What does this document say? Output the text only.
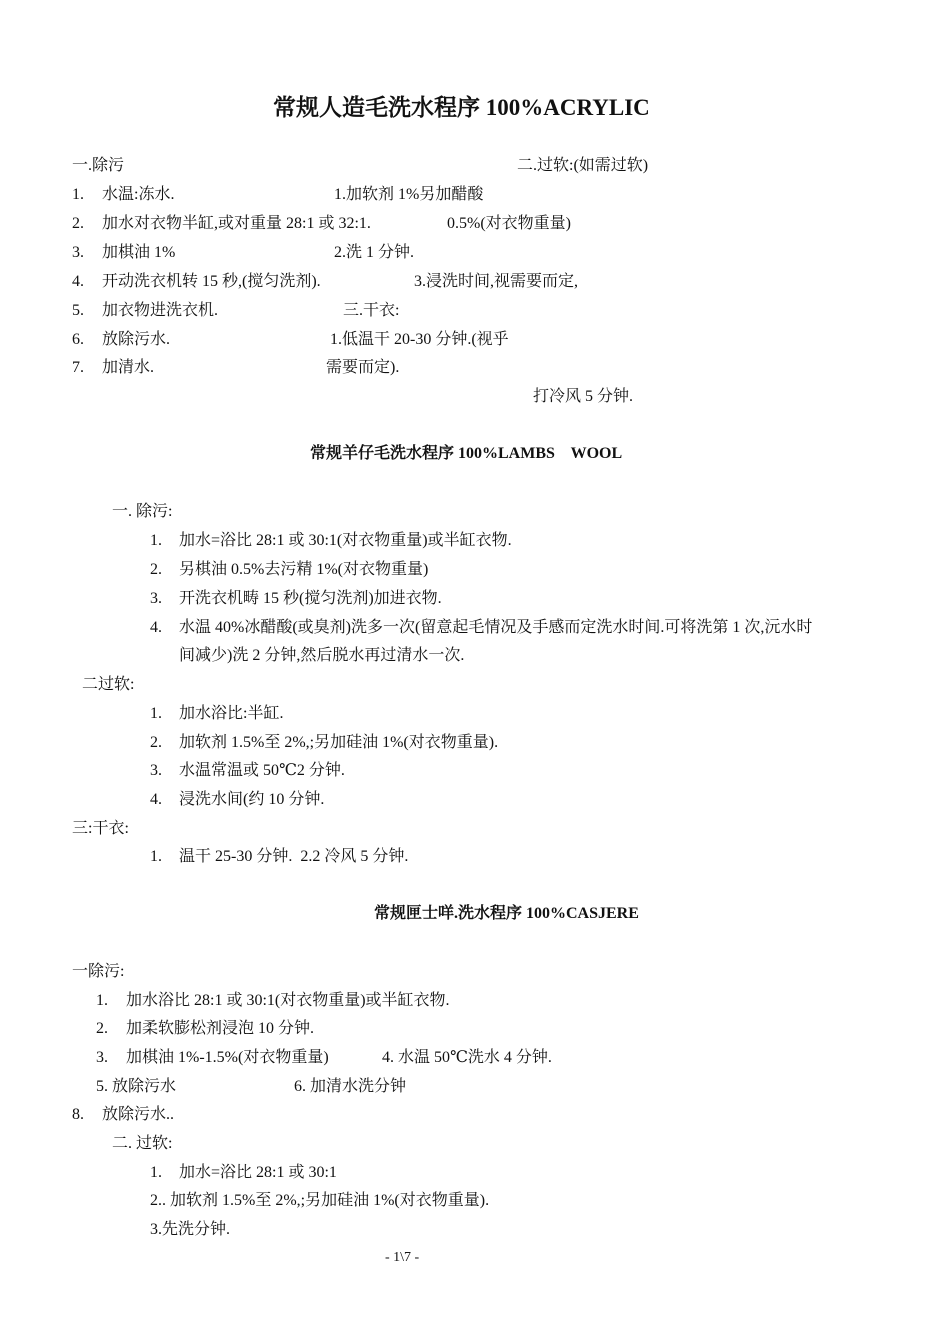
常规人造毛洗水程序 100%ACRYLIC
一.除污	二.过软:(如需过软)
1.	水温:冻水.	1.加软剂 1%另加醋酸
2.	加水对衣物半缸,或对重量 28:1 或 32:1.	0.5%(对衣物重量)
3.	加棋油 1%	2.洗 1 分钟.
4.	开动洗衣机转 15 秒,(搅匀洗剂).	3.浸洗时间,视需要而定,
5.	加衣物进洗衣机.	三.干衣:
6.	放除污水.	1.低温干 20-30 分钟.(视乎
7.	加清水.	需要而定).
打冷风 5 分钟.
常规羊仔毛洗水程序 100%LAMBS    WOOL
一. 除污:
1.	加水=浴比 28:1 或 30:1(对衣物重量)或半缸衣物.
2.	另棋油 0.5%去污精 1%(对衣物重量)
3.	开洗衣机畴 15 秒(搅匀洗剂)加进衣物.
4.	水温 40%冰醋酸(或臭剂)洗多一次(留意起毛情况及手感而定洗水时间.可将洗第 1 次,沅水时
间减少)洗 2 分钟,然后脱水再过清水一次.
二过软:
1.	加水浴比:半缸.
2.	加软剂 1.5%至 2%,;另加硅油 1%(对衣物重量).
3.	水温常温或 50℃2 分钟.
4.	浸洗水间(约 10 分钟.
三:干衣:
1.	温干 25-30 分钟.  2.2 冷风 5 分钟.
常规匣士咩.洗水程序 100%CASJERE
一除污:
1.	加水浴比 28:1 或 30:1(对衣物重量)或半缸衣物.
2.	加柔软膨松剂浸泡 10 分钟.
3.	加棋油 1%-1.5%(对衣物重量)	4. 水温 50℃洗水 4 分钟.
5. 放除污水	6. 加清水洗分钟
8.	放除污水..
二. 过软:
1.	加水=浴比 28:1 或 30:1
2.. 加软剂 1.5%至 2%,;另加硅油 1%(对衣物重量).
3.先洗分钟.
- 1\7 -
